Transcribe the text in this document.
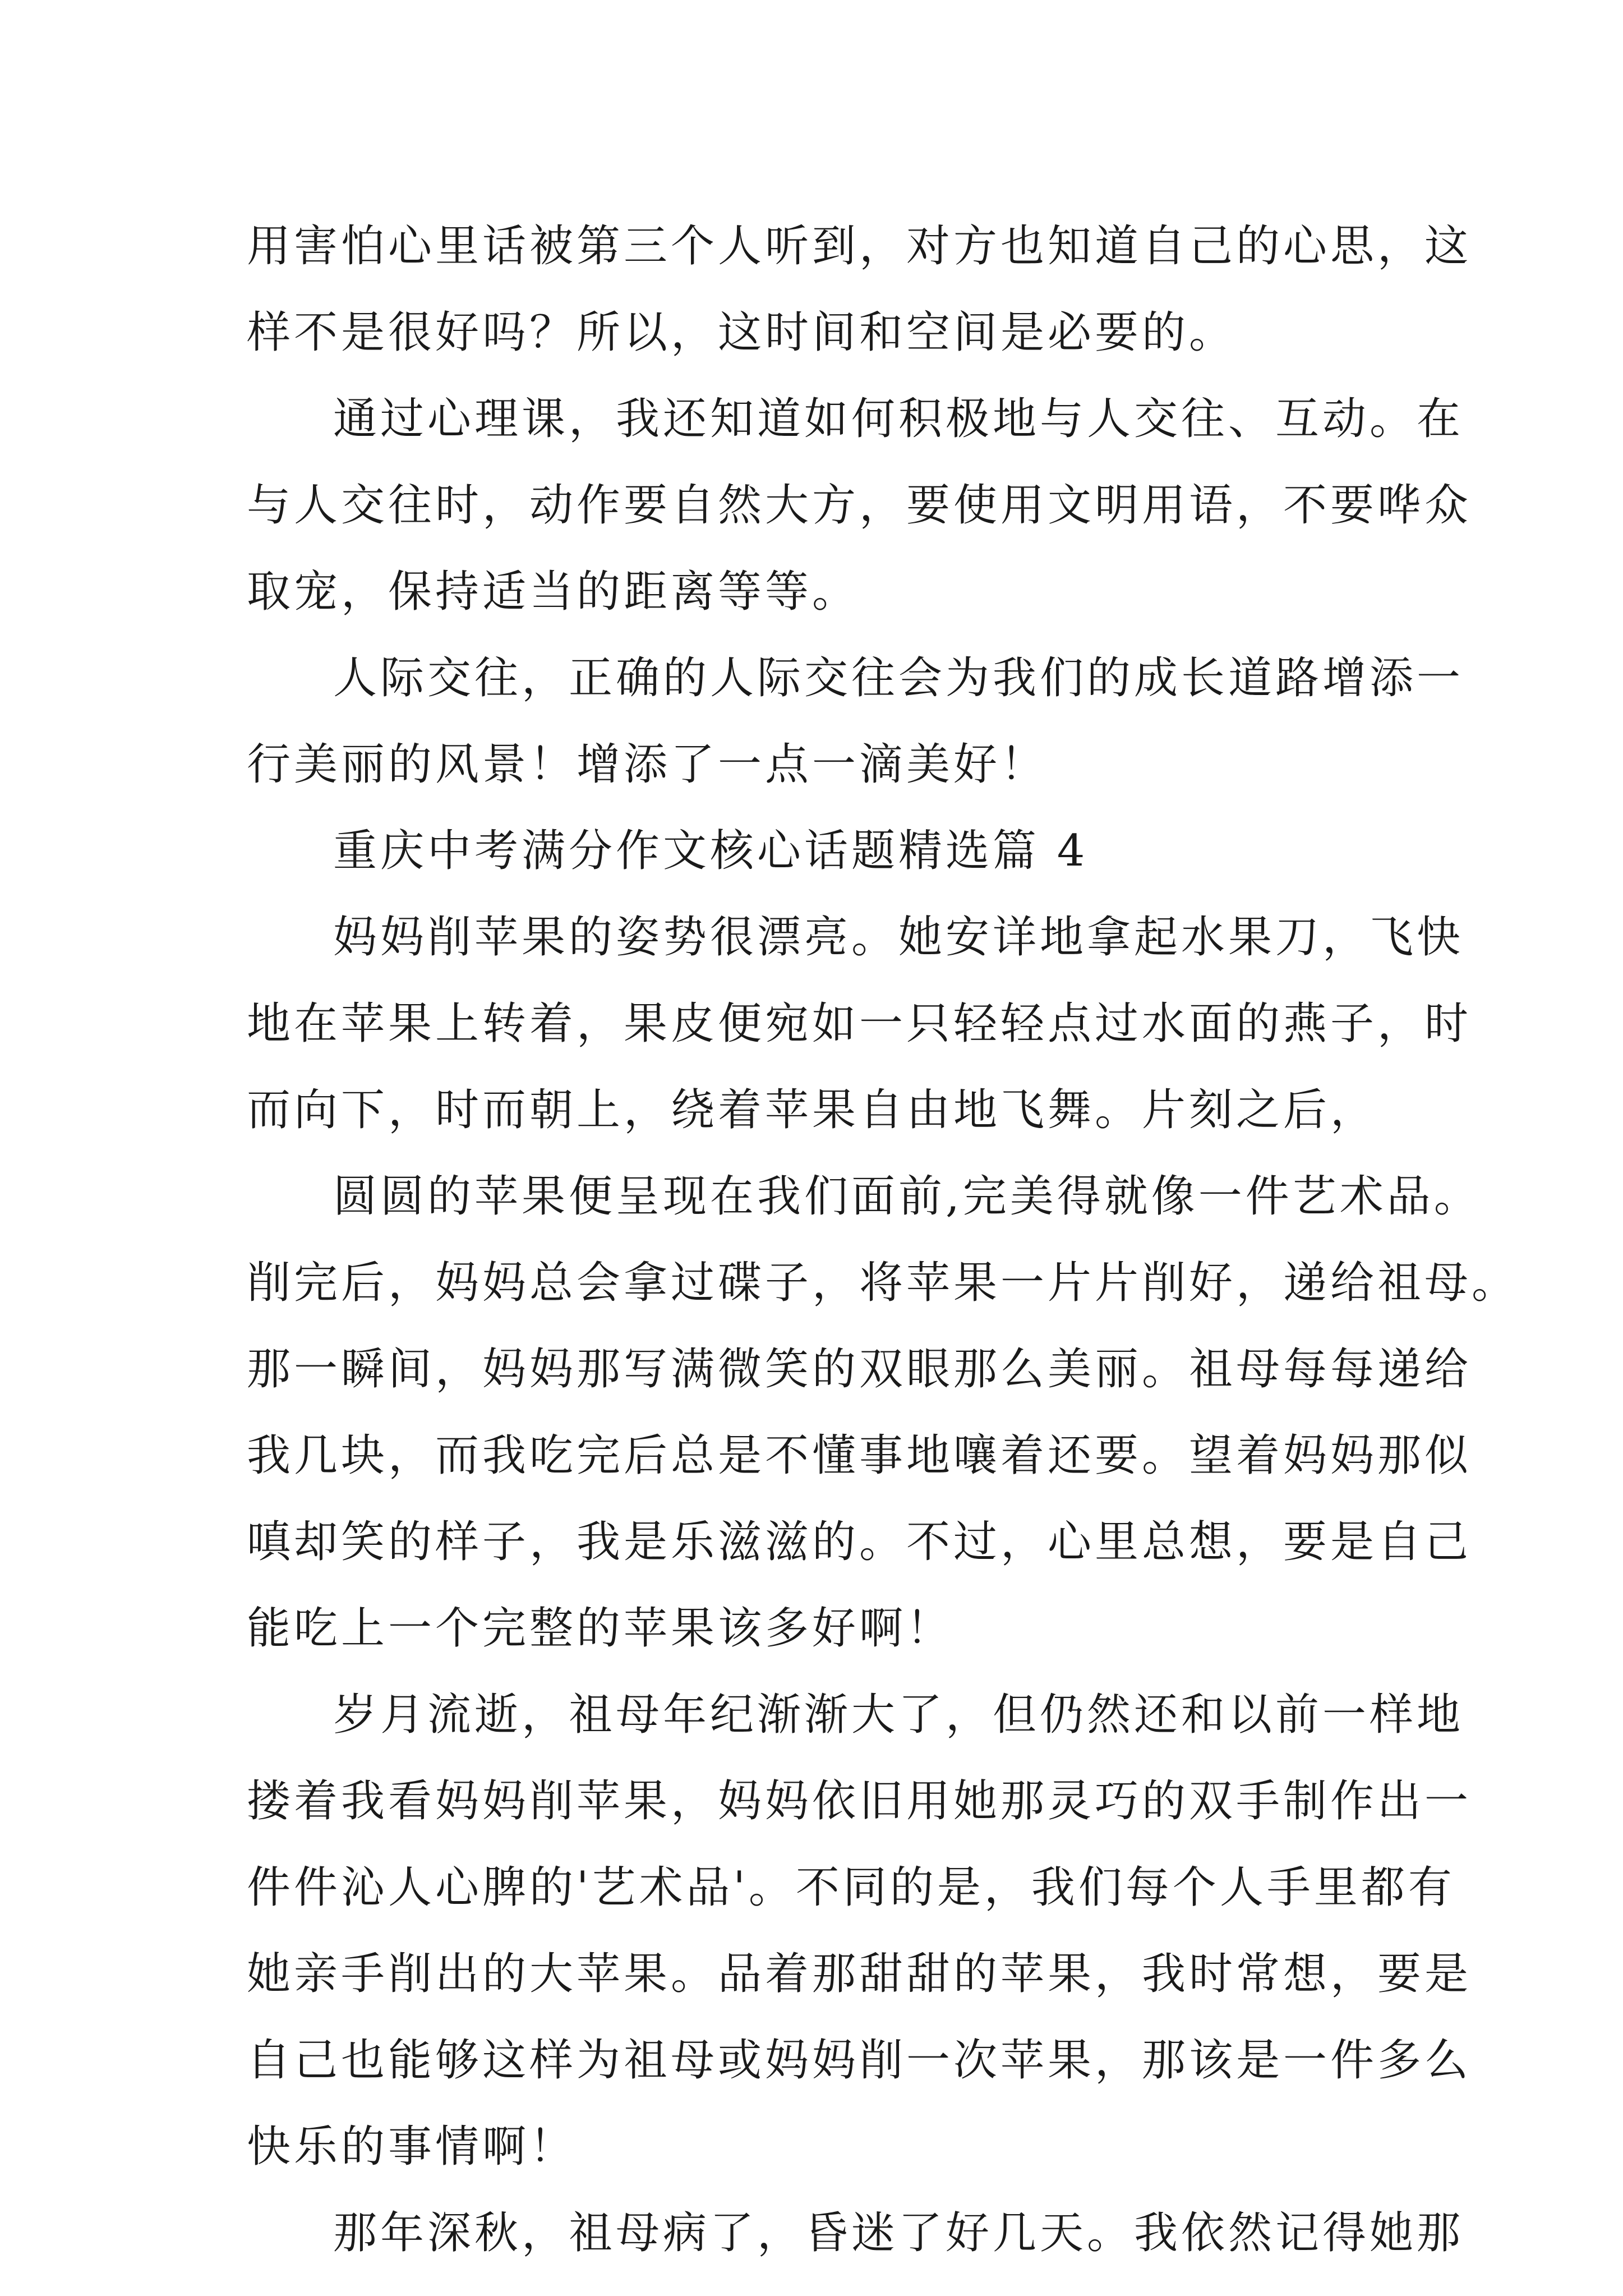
用害怕心里话被第三个人听到，对方也知道自己的心思，这
样不是很好吗？所以，这时间和空间是必要的。
通过心理课，我还知道如何积极地与人交往、互动。在
与人交往时，动作要自然大方，要使用文明用语，不要哗众
取宠，保持适当的距离等等。
人际交往，正确的人际交往会为我们的成长道路增添一
行美丽的风景！增添了一点一滴美好！
重庆中考满分作文核心话题精选篇 4
妈妈削苹果的姿势很漂亮。她安详地拿起水果刀，飞快
地在苹果上转着，果皮便宛如一只轻轻点过水面的燕子，时
而向下，时而朝上，绕着苹果自由地飞舞。片刻之后，
圆圆的苹果便呈现在我们面前,完美得就像一件艺术品。
削完后，妈妈总会拿过碟子，将苹果一片片削好，递给祖母。
那一瞬间，妈妈那写满微笑的双眼那么美丽。祖母每每递给
我几块，而我吃完后总是不懂事地嚷着还要。望着妈妈那似
嗔却笑的样子，我是乐滋滋的。不过，心里总想，要是自己
能吃上一个完整的苹果该多好啊！
岁月流逝，祖母年纪渐渐大了，但仍然还和以前一样地
搂着我看妈妈削苹果，妈妈依旧用她那灵巧的双手制作出一
件件沁人心脾的'艺术品'。不同的是，我们每个人手里都有
她亲手削出的大苹果。品着那甜甜的苹果，我时常想，要是
自己也能够这样为祖母或妈妈削一次苹果，那该是一件多么
快乐的事情啊！
那年深秋，祖母病了，昏迷了好几天。我依然记得她那
